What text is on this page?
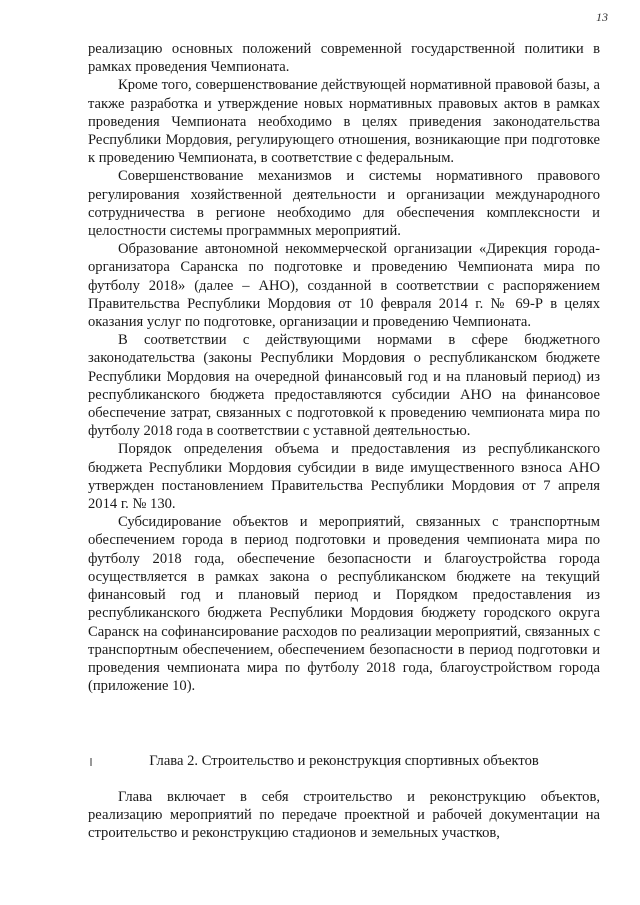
13

реализацию основных положений современной государственной политики в рамках проведения Чемпионата.

Кроме того, совершенствование действующей нормативной правовой базы, а также разработка и утверждение новых нормативных правовых актов в рамках проведения Чемпионата необходимо в целях приведения законодательства Республики Мордовия, регулирующего отношения, возникающие при подготовке к проведению Чемпионата, в соответствие с федеральным.

Совершенствование механизмов и системы нормативного правового регулирования хозяйственной деятельности и организации международного сотрудничества в регионе необходимо для обеспечения комплексности и целостности системы программных мероприятий.

Образование автономной некоммерческой организации «Дирекция города-организатора Саранска по подготовке и проведению Чемпионата мира по футболу 2018» (далее – АНО), созданной в соответствии с распоряжением Правительства Республики Мордовия от 10 февраля 2014 г. № 69-Р в целях оказания услуг по подготовке, организации и проведению Чемпионата.

В соответствии с действующими нормами в сфере бюджетного законодательства (законы Республики Мордовия о республиканском бюджете Республики Мордовия на очередной финансовый год и на плановый период) из республиканского бюджета предоставляются субсидии АНО на финансовое обеспечение затрат, связанных с подготовкой к проведению чемпионата мира по футболу 2018 года в соответствии с уставной деятельностью.

Порядок определения объема и предоставления из республиканского бюджета Республики Мордовия субсидии в виде имущественного взноса АНО утвержден постановлением Правительства Республики Мордовия от 7 апреля 2014 г. № 130.

Субсидирование объектов и мероприятий, связанных с транспортным обеспечением города в период подготовки и проведения чемпионата мира по футболу 2018 года, обеспечение безопасности и благоустройства города осуществляется в рамках закона о республиканском бюджете на текущий финансовый год и плановый период и Порядком предоставления из республиканского бюджета Республики Мордовия бюджету городского округа Саранск на софинансирование расходов по реализации мероприятий, связанных с транспортным обеспечением, обеспечением безопасности в период подготовки и проведения чемпионата мира по футболу 2018 года, благоустройством города (приложение 10).

Глава 2. Строительство и реконструкция спортивных объектов

Глава включает в себя строительство и реконструкцию объектов, реализацию мероприятий по передаче проектной и рабочей документации на строительство и реконструкцию стадионов и земельных участков,
